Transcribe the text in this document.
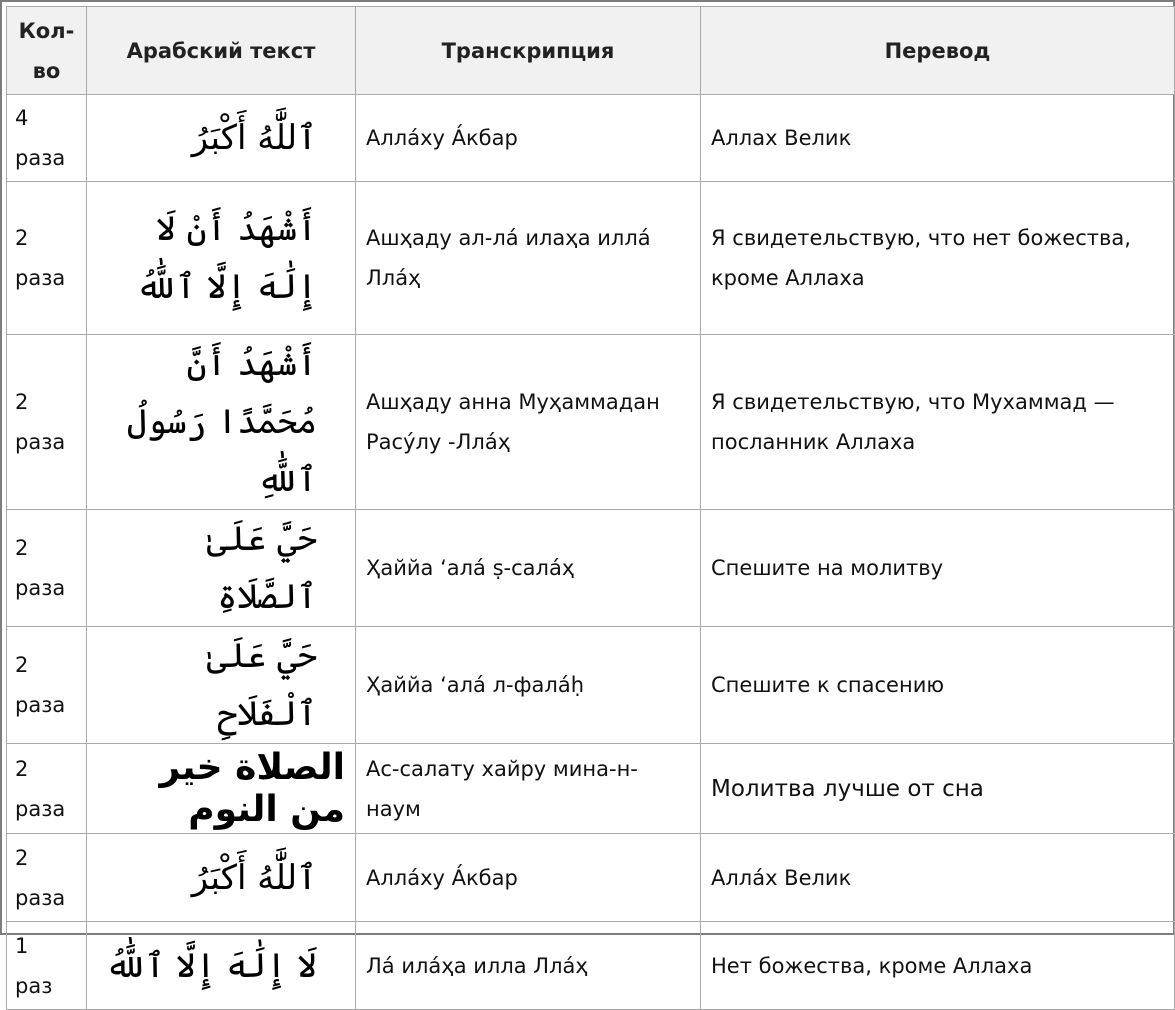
Кол-во	Арабский текст	Транскрипция	Перевод

4
раза	ٱللَّٰهُ أَكْبَرُ	Алла́ху А́кбар	Аллах Велик

2
раза	أَشْهَدُ أَنْ لَا إِلَٰهَ إِلَّا ٱللَّٰهُ	Ашҳаду ал-ла́ илаҳа илла́ Лла́ҳ	Я свидетельствую, что нет божества, кроме Аллаха

2
раза	أَشْهَدُ أَنَّ مُحَمَّدًا رَسُولُ ٱللَّٰهِ	Ашҳаду анна Муҳаммадан Расу́лу -Лла́ҳ	Я свидетельствую, что Мухаммад — посланник Аллаха

2
раза	حَيَّ عَلَىٰ ٱلصَّلَاةِ	Ҳаййа ʻала́ ṣ-сала́ҳ	Спешите на молитву

2
раза	حَيَّ عَلَىٰ ٱلْفَلَاحِ	Ҳаййа ʻала́ л-фала́ḥ	Спешите к спасению

2
раза	الصلاة خير من النوم	Ас-салату хайру мина-н-наум	Молитва лучше от сна

2
раза	ٱللَّٰهُ أَكْبَرُ	Алла́ху А́кбар	Алла́х Велик

1
раз	لَا إِلَٰهَ إِلَّا ٱللَّٰهُ	Ла́ ила́ҳа илла Лла́ҳ	Нет божества, кроме Аллаха
